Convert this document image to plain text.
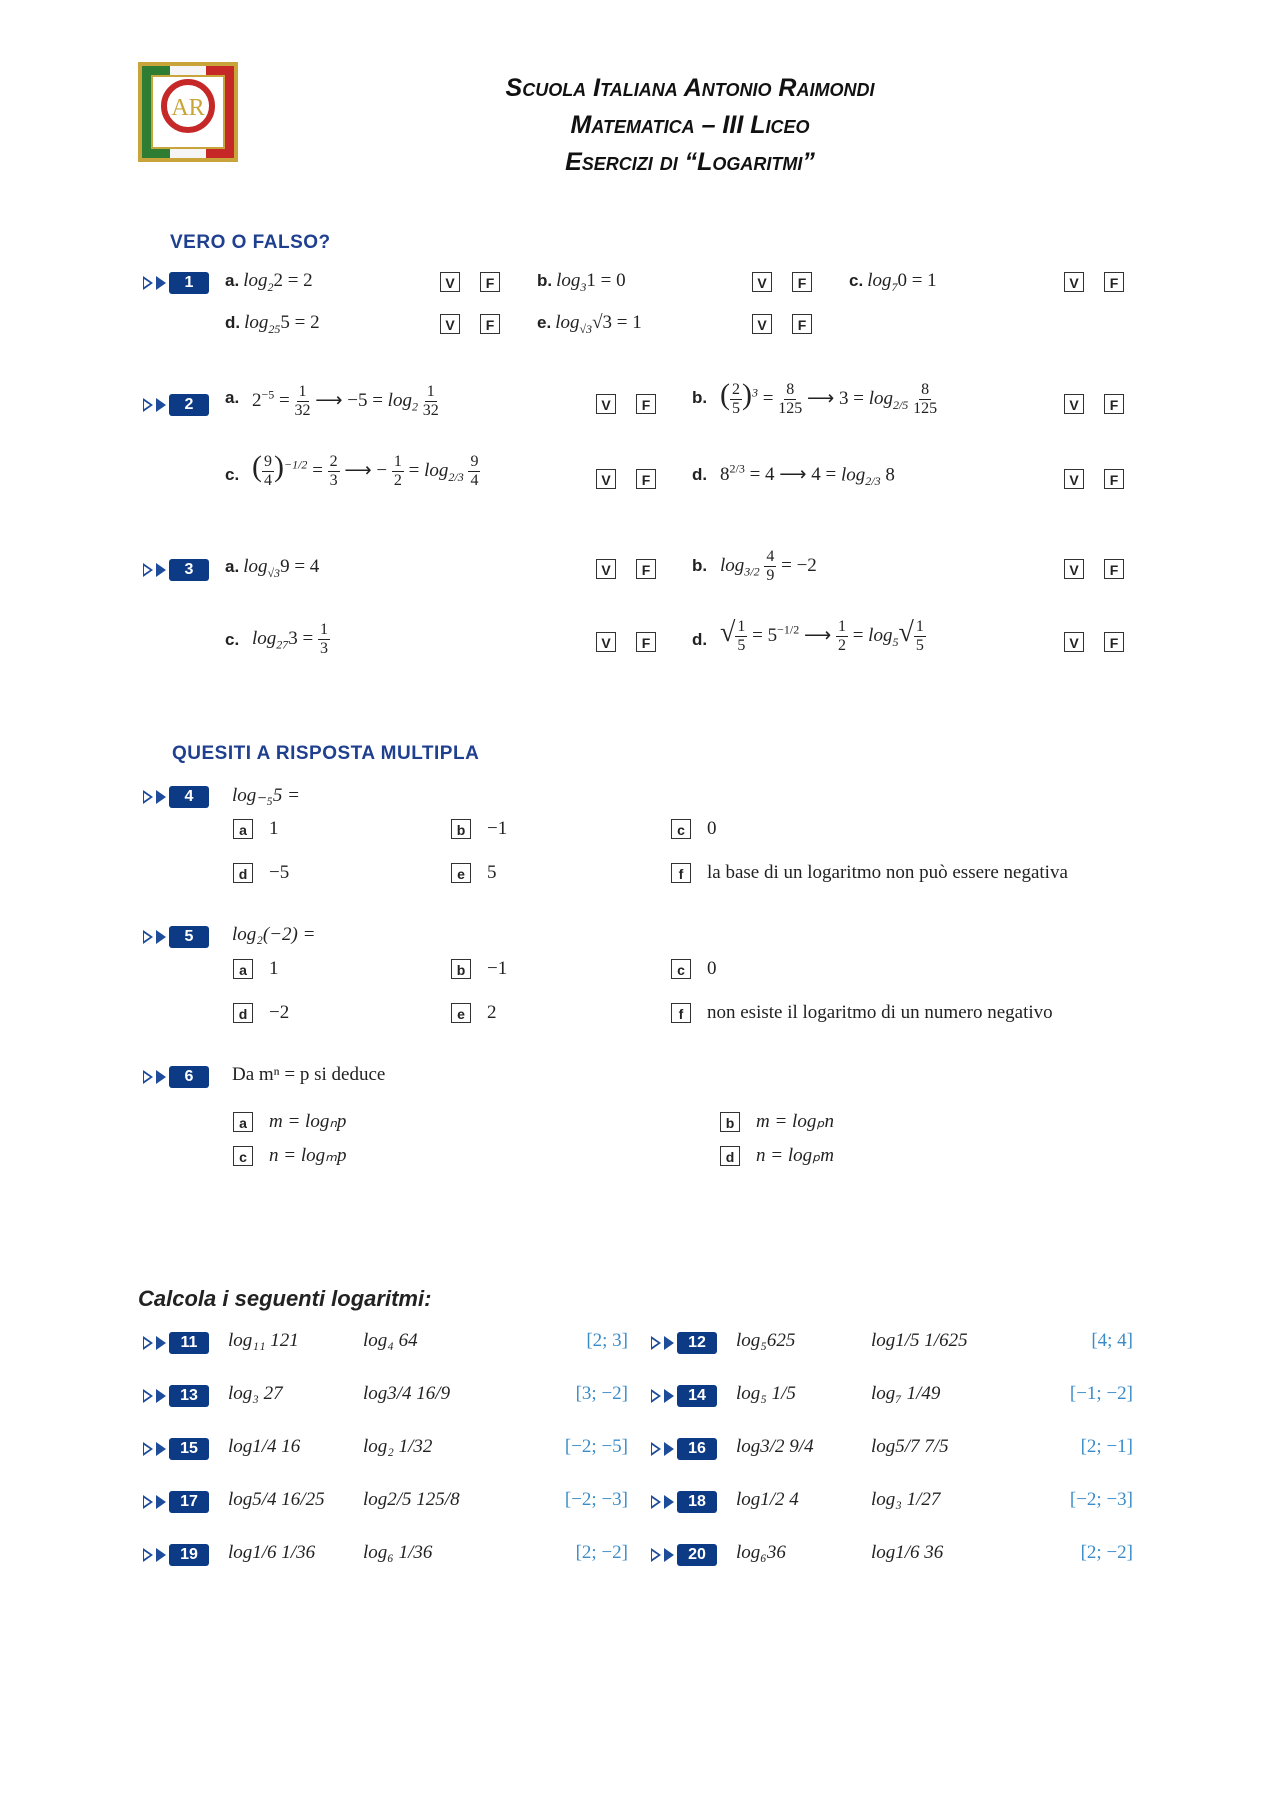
AR
Scuola Italiana Antonio Raimondi
Matematica – III Liceo
Esercizi di “Logaritmi”
VERO O FALSO?
1	a. $\log_22 = 2$	V	F	b. $\log_31 = 0$	V	F	c. $\log_70 = 1$	V	F
d. $\log_{25}5 = 2$	V	F	e. $\log_{√3}√3 = 1$	V	F
2	a. $2^{-5} = \frac{1}{32}$ ⟶ $-5 = \log_2 \frac{1}{32}$	V	F	b. ( $\frac{2}{5} )^3 = \frac{8}{125}$ ⟶ $3 = \log_{2/5} \frac{8}{125}$	V	F
c. ( $\frac{9}{4} )^{-1/2} = \frac{2}{3}$ ⟶ − $\frac{1}{2} = \log_{2/3} \frac{9}{4}$	V	F	d. $8^{2/3} = 4$ ⟶ $4 = \log_{2/3} 8$	V	F
3	a. $\log_{√3}9 = 4$	V	F	b. $\log_{3/2} \frac{4}{9} = -2$	V	F
c. $\log_{27}3 = \frac{1}{3}$	V	F	d. √ $\frac{1}{5} = 5^{-1/2}$ ⟶ $\frac{1}{2} = \log_5√ \frac{1}{5}$	V	F
QUESITI A RISPOSTA MULTIPLA
4	log₋₅5 =
a	1	b	−1	c	0
d	−5	e	5	f	la base di un logaritmo non può essere negativa
5	log₂(−2) =
a	1	b	−1	c	0
d	−2	e	2	f	non esiste il logaritmo di un numero negativo
6	Da mⁿ = p si deduce
a	m = logₙp	b	m = logₚn
c	n = logₘp	d	n = logₚm
Calcola i seguenti logaritmi:
11	log₁₁ 121	log₄ 64	[2; 3]	12	log₅625	log1/5 1/625	[4; 4]
13	log₃ 27	log3/4 16/9	[3; −2]	14	log₅ 1/5	log₇ 1/49	[−1; −2]
15	log1/4 16	log₂ 1/32	[−2; −5]	16	log3/2 9/4	log5/7 7/5	[2; −1]
17	log5/4 16/25 log2/5 125/8	[−2; −3]	18	log1/2 4	log₃ 1/27	[−2; −3]
19	log1/6 1/36	log₆ 1/36	[2; −2]	20	log₆36	log1/6 36	[2; −2]
